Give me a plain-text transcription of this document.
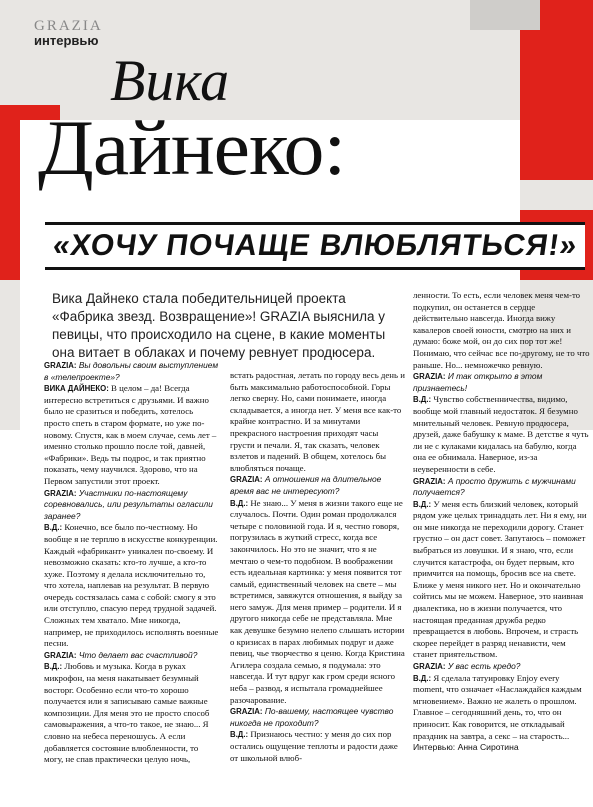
GRAZIA
интервью
Вика
Дайнеко:
«ХОЧУ ПОЧАЩЕ ВЛЮБЛЯТЬСЯ!»
Вика Дайнеко стала победительницей проекта «Фабрика звезд. Возвращение»! GRAZIA выяснила у певицы, что происходило на сцене, в какие моменты она витает в облаках и почему ревнует продюсера.

GRAZIA: Вы довольны своим выступлением в «телепроекте»?

ВИКА ДАЙНЕКО: В целом – да! Всегда интересно встретиться с друзьями. И важно было не сразиться и победить, хотелось просто спеть в старом формате, но уже по-новому. Спустя, как в моем случае, семь лет – именно столько прошло после той, давней, «Фабрики». Ведь ты подрос, и так приятно показать, чему научился. Здорово, что на Первом запустили этот проект.

GRAZIA: Участники по-настоящему соревновались, или результаты огласили заранее?

В.Д.: Конечно, все было по-честному. Но вообще я не терплю в искусстве конкуренции. Каждый «фабрикант» уникален по-своему. И невозможно сказать: кто-то лучше, а кто-то хуже. Поэтому я делала исключительно то, что хотела, наплевав на результат. В первую очередь состязалась сама с собой: смогу я это или отступлю, спасую перед трудной задачей. Сложных тем хватало. Мне никогда, например, не приходилось исполнять военные песни.

GRAZIA: Что делает вас счастливой?

В.Д.: Любовь и музыка. Когда в руках микрофон, на меня накатывает безумный восторг. Особенно если что-то хорошо получается или я записываю самые важные композиции. Для меня это не просто способ самовыражения, а что-то такое, не знаю... Я словно на небеса переношусь. А если добавляется состояние влюбленности, то могу, не спав практически целую ночь,

встать радостная, летать по городу весь день и быть максимально работоспособной. Горы легко сверну. Но, сами понимаете, иногда складывается, а иногда нет. У меня все как-то крайне контрастно. И за минутами прекрасного настроения приходят часы грусти и печали. Я, так сказать, человек взлетов и падений. В общем, хотелось бы влюбляться почаще.

GRAZIA: А отношения на длительное время вас не интересуют?

В.Д.: Не знаю... У меня в жизни такого еще не случалось. Почти. Один роман продолжался четыре с половиной года. И я, честно говоря, погрузилась в жуткий стресс, когда все закончилось. Но это не значит, что я не мечтаю о чем-то подобном. В воображении есть идеальная картинка: у меня появится тот самый, единственный человек на свете – мы встретимся, завяжутся отношения, я выйду за него замуж. Для меня пример – родители. И я другого никогда себе не представляла. Мне как девушке безумно нелепо слышать истории о кризисах в парах любимых подруг и даже певиц, чье творчество я ценю. Когда Кристина Агилера создала семью, я подумала: это навсегда. И тут вдруг как гром среди ясного неба – развод, я испытала громаднейшее разочарование.

GRAZIA: По-вашему, настоящее чувство никогда не проходит?

В.Д.: Признаюсь честно: у меня до сих пор остались ощущение теплоты и радости даже от школьной влюб-

ленности. То есть, если человек меня чем-то подкупил, он останется в сердце действительно навсегда. Иногда вижу кавалеров своей юности, смотрю на них и думаю: боже мой, он до сих пор тот же! Понимаю, что сейчас все по-другому, не то что раньше. Но... немножечко ревную.

GRAZIA: И так открыто в этом признаетесь!

В.Д.: Чувство собственничества, видимо, вообще мой главный недостаток. Я безумно мнительный человек. Ревную продюсера, друзей, даже бабушку к маме. В детстве я чуть ли не с кулаками кидалась на бабулю, когда она ее обнимала. Наверное, из-за неуверенности в себе.

GRAZIA: А просто дружить с мужчинами получается?

В.Д.: У меня есть близкий человек, который рядом уже целых тринадцать лет. Ни я ему, ни он мне никогда не переходили дорогу. Станет грустно – он даст совет. Запутаюсь – поможет выбраться из ловушки. И я знаю, что, если случится катастрофа, он будет первым, кто примчится на помощь, бросив все на свете. Ближе у меня никого нет. Но и окончательно сойтись мы не можем. Наверное, это наивная диалектика, но в жизни получается, что настоящая преданная дружба редко превращается в любовь. Впрочем, и страсть скорее перейдет в разряд ненависти, чем станет приятельством.

GRAZIA: У вас есть кредо?

В.Д.: Я сделала татуировку Enjoy every moment, что означает «Наслаждайся каждым мгновением». Важно не жалеть о прошлом. Главное – сегодняшний день, то, что он приносит. Как говорится, не откладывай праздник на завтра, а секс – на старость...

Интервью: Анна Сиротина
